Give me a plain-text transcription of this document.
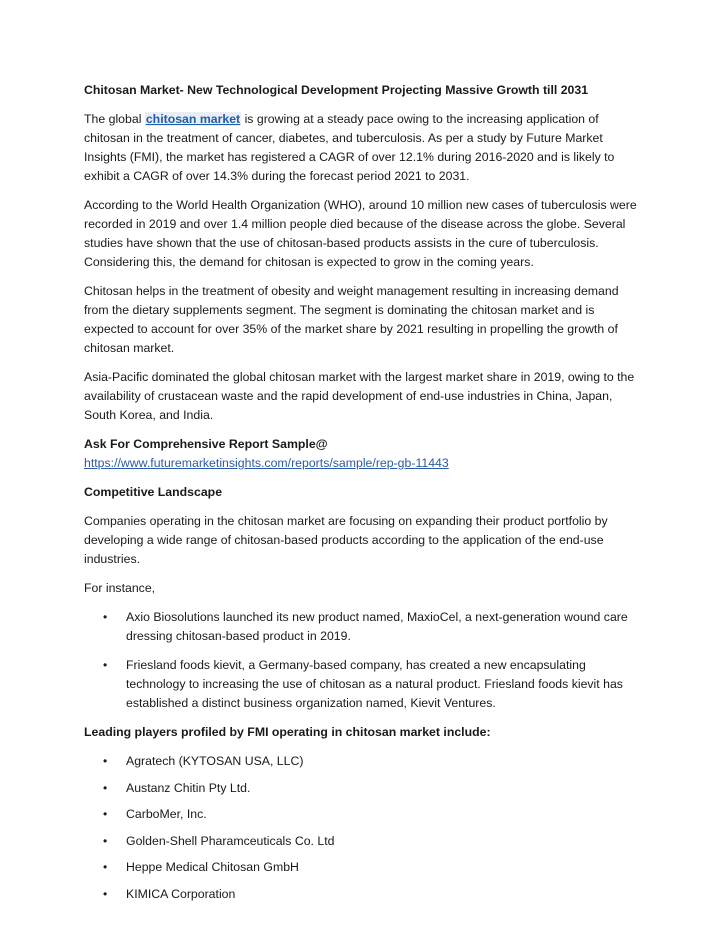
Chitosan Market- New Technological Development Projecting Massive Growth till 2031

The global chitosan market is growing at a steady pace owing to the increasing application of chitosan in the treatment of cancer, diabetes, and tuberculosis. As per a study by Future Market Insights (FMI), the market has registered a CAGR of over 12.1% during 2016-2020 and is likely to exhibit a CAGR of over 14.3% during the forecast period 2021 to 2031.

According to the World Health Organization (WHO), around 10 million new cases of tuberculosis were recorded in 2019 and over 1.4 million people died because of the disease across the globe. Several studies have shown that the use of chitosan-based products assists in the cure of tuberculosis. Considering this, the demand for chitosan is expected to grow in the coming years.

Chitosan helps in the treatment of obesity and weight management resulting in increasing demand from the dietary supplements segment. The segment is dominating the chitosan market and is expected to account for over 35% of the market share by 2021 resulting in propelling the growth of chitosan market.

Asia-Pacific dominated the global chitosan market with the largest market share in 2019, owing to the availability of crustacean waste and the rapid development of end-use industries in China, Japan, South Korea, and India.

Ask For Comprehensive Report Sample@
https://www.futuremarketinsights.com/reports/sample/rep-gb-11443

Competitive Landscape

Companies operating in the chitosan market are focusing on expanding their product portfolio by developing a wide range of chitosan-based products according to the application of the end-use industries.

For instance,

• Axio Biosolutions launched its new product named, MaxioCel, a next-generation wound care dressing chitosan-based product in 2019.
• Friesland foods kievit, a Germany-based company, has created a new encapsulating technology to increasing the use of chitosan as a natural product. Friesland foods kievit has established a distinct business organization named, Kievit Ventures.

Leading players profiled by FMI operating in chitosan market include:

• Agratech (KYTOSAN USA, LLC)
• Austanz Chitin Pty Ltd.
• CarboMer, Inc.
• Golden-Shell Pharamceuticals Co. Ltd
• Heppe Medical Chitosan GmbH
• KIMICA Corporation
